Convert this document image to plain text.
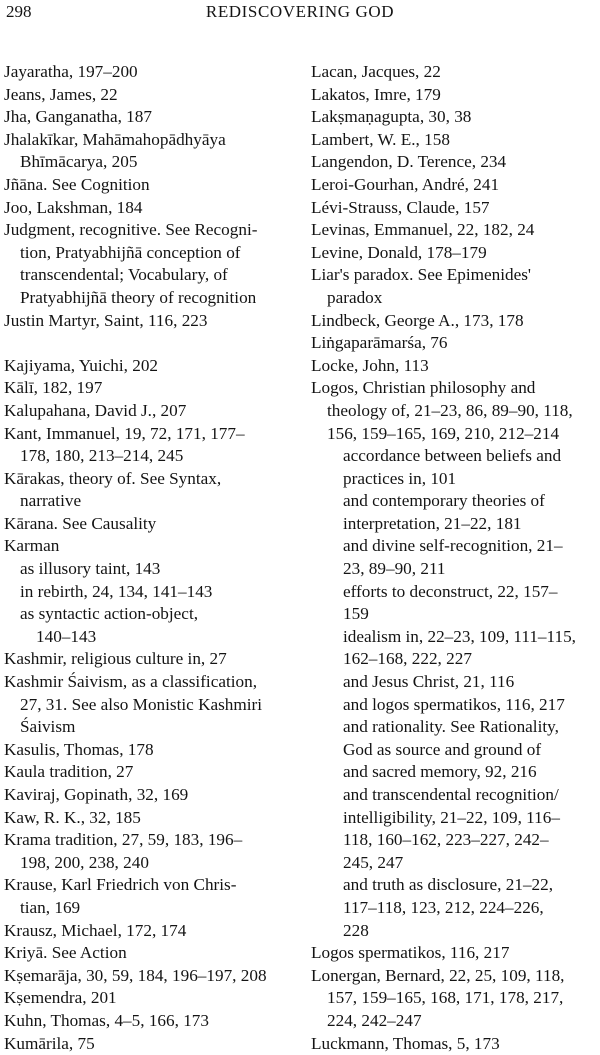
298	REDISCOVERING GOD
Jayaratha, 197–200
Jeans, James, 22
Jha, Ganganatha, 187
Jhalakīkar, Mahāmahopādhyāya
Bhīmācarya, 205
Jñāna. See Cognition
Joo, Lakshman, 184
Judgment, recognitive. See Recogni-
tion, Pratyabhijñā conception of
transcendental; Vocabulary, of
Pratyabhijñā theory of recognition
Justin Martyr, Saint, 116, 223
Kajiyama, Yuichi, 202
Kālī, 182, 197
Kalupahana, David J., 207
Kant, Immanuel, 19, 72, 171, 177–
178, 180, 213–214, 245
Kārakas, theory of. See Syntax,
narrative
Kārana. See Causality
Karman
as illusory taint, 143
in rebirth, 24, 134, 141–143
as syntactic action-object,
140–143
Kashmir, religious culture in, 27
Kashmir Śaivism, as a classification,
27, 31. See also Monistic Kashmiri
Śaivism
Kasulis, Thomas, 178
Kaula tradition, 27
Kaviraj, Gopinath, 32, 169
Kaw, R. K., 32, 185
Krama tradition, 27, 59, 183, 196–
198, 200, 238, 240
Krause, Karl Friedrich von Chris-
tian, 169
Krausz, Michael, 172, 174
Kriyā. See Action
Kṣemarāja, 30, 59, 184, 196–197, 208
Kṣemendra, 201
Kuhn, Thomas, 4–5, 166, 173
Kumārila, 75
Lacan, Jacques, 22
Lakatos, Imre, 179
Lakṣmaṇagupta, 30, 38
Lambert, W. E., 158
Langendon, D. Terence, 234
Leroi-Gourhan, André, 241
Lévi-Strauss, Claude, 157
Levinas, Emmanuel, 22, 182, 24
Levine, Donald, 178–179
Liar's paradox. See Epimenides'
paradox
Lindbeck, George A., 173, 178
Liṅgaparāmarśa, 76
Locke, John, 113
Logos, Christian philosophy and
theology of, 21–23, 86, 89–90, 118,
156, 159–165, 169, 210, 212–214
accordance between beliefs and
practices in, 101
and contemporary theories of
interpretation, 21–22, 181
and divine self-recognition, 21–
23, 89–90, 211
efforts to deconstruct, 22, 157–
159
idealism in, 22–23, 109, 111–115,
162–168, 222, 227
and Jesus Christ, 21, 116
and logos spermatikos, 116, 217
and rationality. See Rationality,
God as source and ground of
and sacred memory, 92, 216
and transcendental recognition/
intelligibility, 21–22, 109, 116–
118, 160–162, 223–227, 242–
245, 247
and truth as disclosure, 21–22,
117–118, 123, 212, 224–226,
228
Logos spermatikos, 116, 217
Lonergan, Bernard, 22, 25, 109, 118,
157, 159–165, 168, 171, 178, 217,
224, 242–247
Luckmann, Thomas, 5, 173
